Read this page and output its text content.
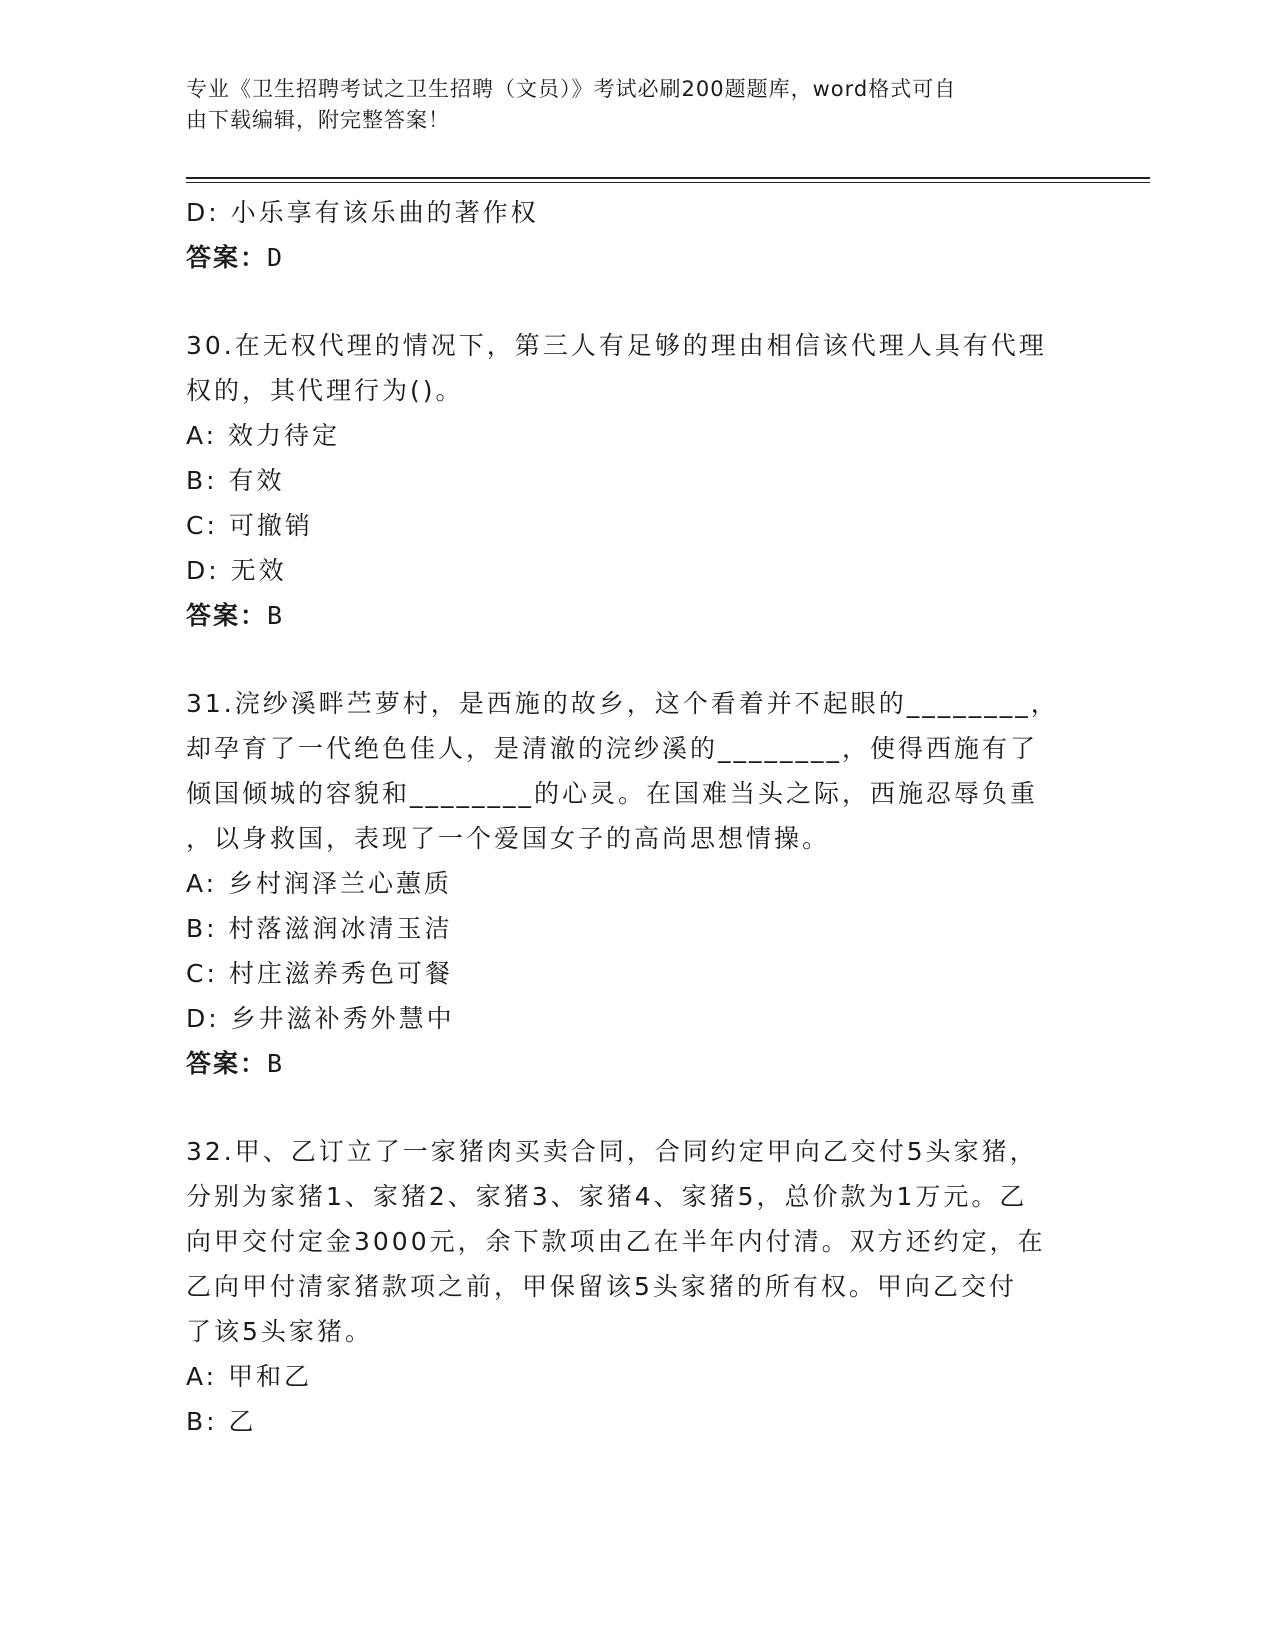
专业《卫生招聘考试之卫生招聘（文员）》考试必刷200题题库，word格式可自
由下载编辑，附完整答案！
D: 小乐享有该乐曲的著作权
答案：D
30.在无权代理的情况下，第三人有足够的理由相信该代理人具有代理
权的，其代理行为()。
A: 效力待定
B: 有效
C: 可撤销
D: 无效
答案：B
31.浣纱溪畔苎萝村，是西施的故乡，这个看着并不起眼的________，
却孕育了一代绝色佳人，是清澈的浣纱溪的________，使得西施有了
倾国倾城的容貌和________的心灵。在国难当头之际，西施忍辱负重
，以身救国，表现了一个爱国女子的高尚思想情操。
A: 乡村润泽兰心蕙质
B: 村落滋润冰清玉洁
C: 村庄滋养秀色可餐
D: 乡井滋补秀外慧中
答案：B
32.甲、乙订立了一家猪肉买卖合同，合同约定甲向乙交付5头家猪，
分别为家猪1、家猪2、家猪3、家猪4、家猪5，总价款为1万元。乙
向甲交付定金3000元，余下款项由乙在半年内付清。双方还约定，在
乙向甲付清家猪款项之前，甲保留该5头家猪的所有权。甲向乙交付
了该5头家猪。
A: 甲和乙
B: 乙
